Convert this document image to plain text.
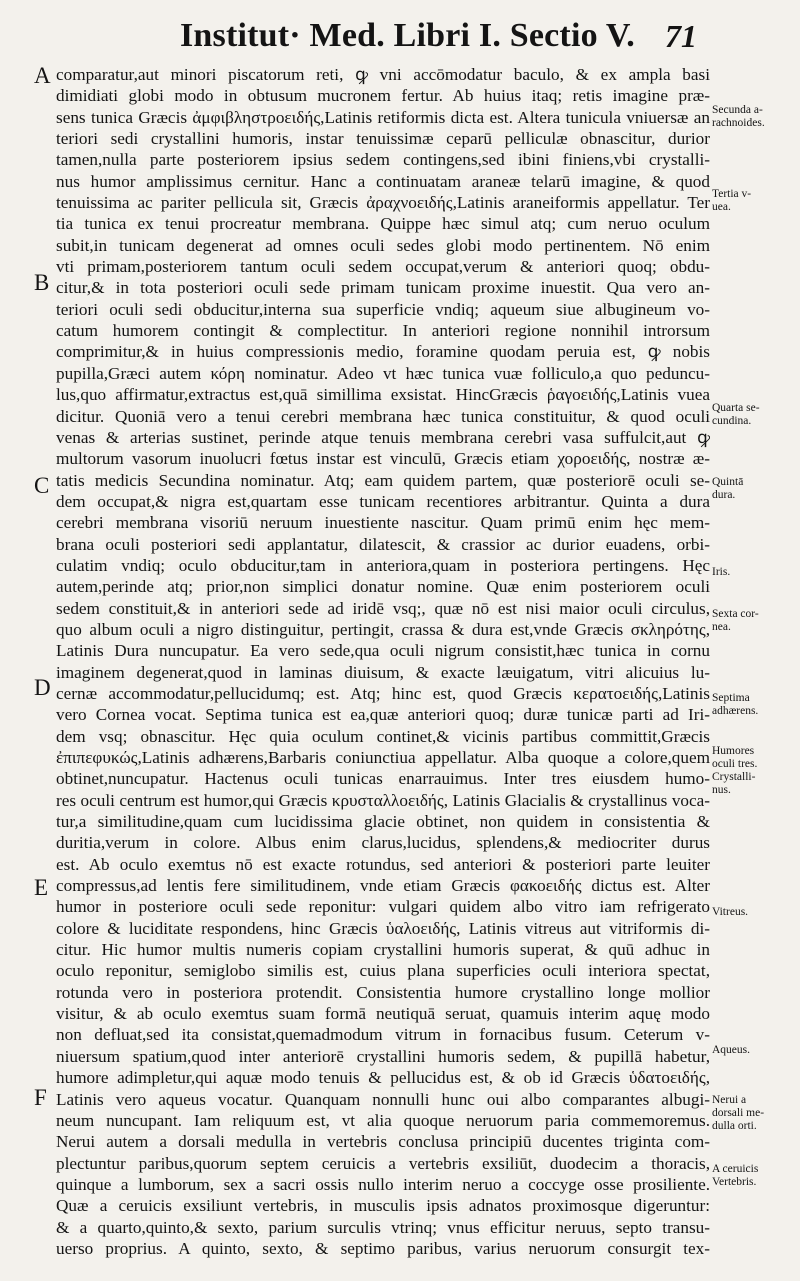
Institut· Med. Libri I. Sectio V. 71
A
B
C
D
E
F
comparatur,aut minori piscatorum reti, ꝙ vni accōmodatur baculo, & ex ampla basi
dimidiati globi modo in obtusum mucronem fertur. Ab huius itaq; retis imagine præ-
sens tunica Græcis ἀμφιβληστροειδής,Latinis retiformis dicta est. Altera tunicula vniuersæ an
teriori sedi crystallini humoris, instar tenuissimæ ceparū pelliculæ obnascitur, durior
tamen,nulla parte posteriorem ipsius sedem contingens,sed ibini finiens,vbi crystalli-
nus humor amplissimus cernitur. Hanc a continuatam araneæ telarū imagine, & quod
tenuissima ac pariter pellicula sit, Græcis ἀραχνοειδής,Latinis araneiformis appellatur. Ter
tia tunica ex tenui procreatur membrana. Quippe hæc simul atq; cum neruo oculum
subit,in tunicam degenerat ad omnes oculi sedes globi modo pertinentem. Nō enim
vti primam,posteriorem tantum oculi sedem occupat,verum & anteriori quoq; obdu-
citur,& in tota posteriori oculi sede primam tunicam proxime inuestit. Qua vero an-
teriori oculi sedi obducitur,interna sua superficie vndiq; aqueum siue albugineum vo-
catum humorem contingit & complectitur. In anteriori regione nonnihil introrsum
comprimitur,& in huius compressionis medio, foramine quodam peruia est, ꝙ nobis
pupilla,Græci autem κόρη nominatur. Adeo vt hæc tunica vuæ folliculo,a quo peduncu-
lus,quo affirmatur,extractus est,quā simillima exsistat. HincGræcis ῥαγοειδής,Latinis vuea
dicitur. Quoniā vero a tenui cerebri membrana hæc tunica constituitur, & quod oculi
venas & arterias sustinet, perinde atque tenuis membrana cerebri vasa suffulcit,aut ꝙ
multorum vasorum inuolucri fœtus instar est vinculū, Græcis etiam χοροειδής, nostræ æ-
tatis medicis Secundina nominatur. Atq; eam quidem partem, quæ posteriorē oculi se-
dem occupat,& nigra est,quartam esse tunicam recentiores arbitrantur. Quinta a dura
cerebri membrana visoriū neruum inuestiente nascitur. Quam primū enim hęc mem-
brana oculi posteriori sedi applantatur, dilatescit, & crassior ac durior euadens, orbi-
culatim vndiq; oculo obducitur,tam in anteriora,quam in posteriora pertingens. Hęc
autem,perinde atq; prior,non simplici donatur nomine. Quæ enim posteriorem oculi
sedem constituit,& in anteriori sede ad iridē vsq;, quæ nō est nisi maior oculi circulus,
quo album oculi a nigro distinguitur, pertingit, crassa & dura est,vnde Græcis σκληρότης,
Latinis Dura nuncupatur. Ea vero sede,qua oculi nigrum consistit,hæc tunica in cornu
imaginem degenerat,quod in laminas diuisum, & exacte læuigatum, vitri alicuius lu-
cernæ accommodatur,pellucidumq; est. Atq; hinc est, quod Græcis κερατοειδής,Latinis
vero Cornea vocat. Septima tunica est ea,quæ anteriori quoq; duræ tunicæ parti ad Iri-
dem vsq; obnascitur. Hęc quia oculum continet,& vicinis partibus committit,Græcis
ἐπιπεφυκώς,Latinis adhærens,Barbaris coniunctiua appellatur. Alba quoque a colore,quem
obtinet,nuncupatur. Hactenus oculi tunicas enarrauimus. Inter tres eiusdem humo-
res oculi centrum est humor,qui Græcis κρυσταλλοειδής, Latinis Glacialis & crystallinus voca-
tur,a similitudine,quam cum lucidissima glacie obtinet, non quidem in consistentia &
duritia,verum in colore. Albus enim clarus,lucidus, splendens,& mediocriter durus
est. Ab oculo exemtus nō est exacte rotundus, sed anteriori & posteriori parte leuiter
compressus,ad lentis fere similitudinem, vnde etiam Græcis φακοειδής dictus est. Alter
humor in posteriore oculi sede reponitur: vulgari quidem albo vitro iam refrigerato
colore & luciditate respondens, hinc Græcis ὑαλοειδής, Latinis vitreus aut vitriformis di-
citur. Hic humor multis numeris copiam crystallini humoris superat, & quū adhuc in
oculo reponitur, semiglobo similis est, cuius plana superficies oculi interiora spectat,
rotunda vero in posteriora protendit. Consistentia humore crystallino longe mollior
visitur, & ab oculo exemtus suam formā neutiquā seruat, quamuis interim aquę modo
non defluat,sed ita consistat,quemadmodum vitrum in fornacibus fusum. Ceterum v-
niuersum spatium,quod inter anteriorē crystallini humoris sedem, & pupillā habetur,
humore adimpletur,qui aquæ modo tenuis & pellucidus est, & ob id Græcis ὑδατοειδής,
Latinis vero aqueus vocatur. Quanquam nonnulli hunc oui albo comparantes albugi-
neum nuncupant. Iam reliquum est, vt alia quoque neruorum paria commemoremus.
Nerui autem a dorsali medulla in vertebris conclusa principiū ducentes triginta com-
plectuntur paribus,quorum septem ceruicis a vertebris exsiliūt, duodecim a thoracis,
quinque a lumborum, sex a sacri ossis nullo interim neruo a coccyge osse prosiliente.
Quæ a ceruicis exsiliunt vertebris, in musculis ipsis adnatos proximosque digeruntur:
& a quarto,quinto,& sexto, parium surculis vtrinq; vnus efficitur neruus, septo transu-
uerso proprius. A quinto, sexto, & septimo paribus, varius neruorum consurgit tex-
Secunda a-
rachnoides.
Tertia v-
uea.
Quarta se-
cundina.
Quintā
dura.
Iris.
Sexta cor-
nea.
Septima
adhærens.
Humores
oculi tres.
Crystalli-
nus.
Vitreus.
Aqueus.
Nerui a
dorsali me-
dulla orti.
A ceruicis
Vertebris.
